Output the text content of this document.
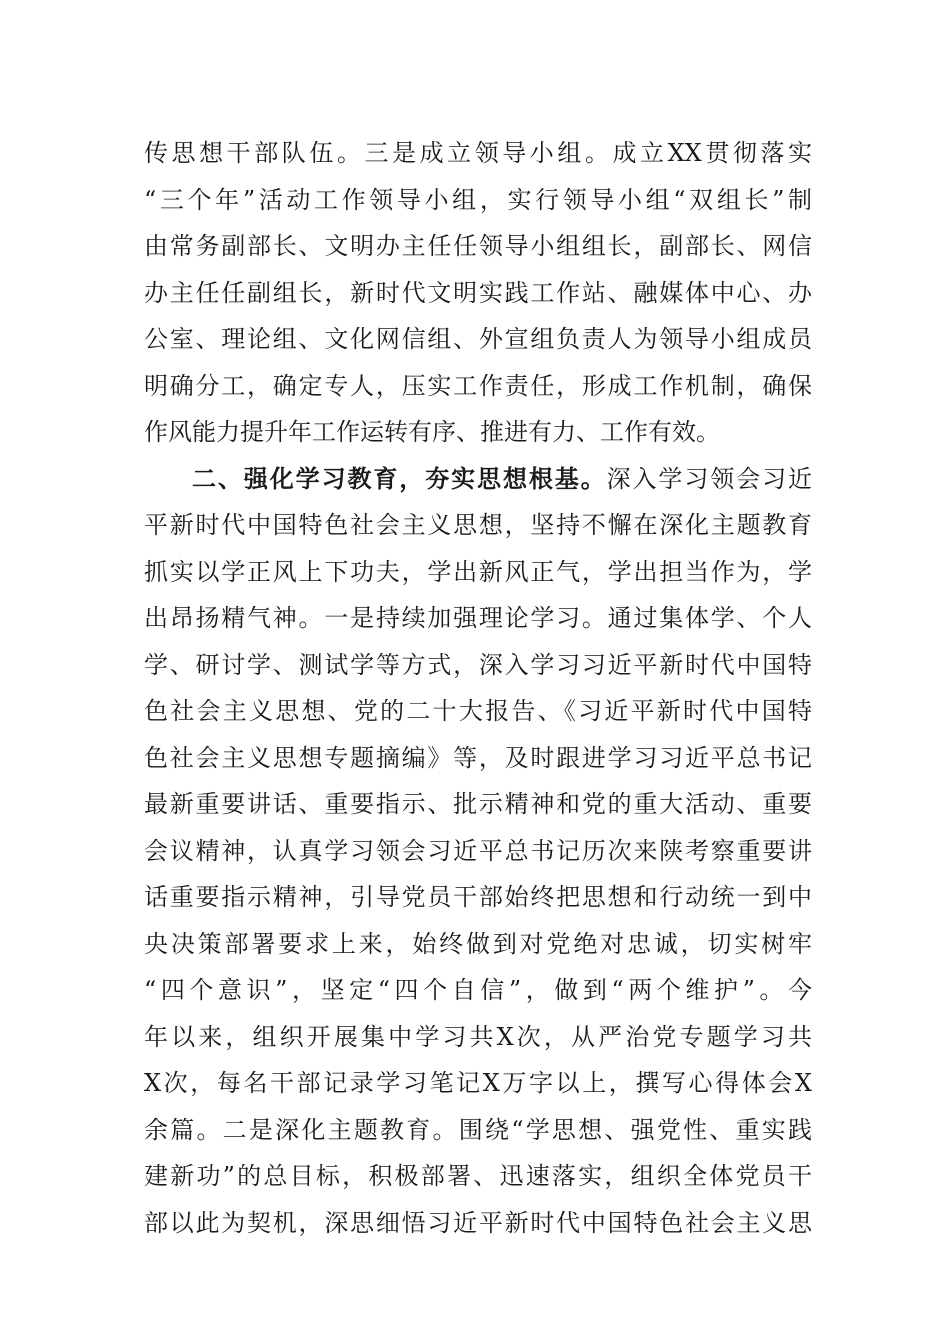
传思想干部队伍。三是成立领导小组。成立XX贯彻落实
“三个年”活动工作领导小组，实行领导小组“双组长”制
由常务副部长、文明办主任任领导小组组长，副部长、网信
办主任任副组长，新时代文明实践工作站、融媒体中心、办
公室、理论组、文化网信组、外宣组负责人为领导小组成员
明确分工，确定专人，压实工作责任，形成工作机制，确保
作风能力提升年工作运转有序、推进有力、工作有效。
二、强化学习教育，夯实思想根基。深入学习领会习近
平新时代中国特色社会主义思想，坚持不懈在深化主题教育
抓实以学正风上下功夫，学出新风正气，学出担当作为，学
出昂扬精气神。一是持续加强理论学习。通过集体学、个人
学、研讨学、测试学等方式，深入学习习近平新时代中国特
色社会主义思想、党的二十大报告、《习近平新时代中国特
色社会主义思想专题摘编》等，及时跟进学习习近平总书记
最新重要讲话、重要指示、批示精神和党的重大活动、重要
会议精神，认真学习领会习近平总书记历次来陕考察重要讲
话重要指示精神，引导党员干部始终把思想和行动统一到中
央决策部署要求上来，始终做到对党绝对忠诚，切实树牢
“四个意识”，坚定“四个自信”，做到“两个维护”。今
年以来，组织开展集中学习共X次，从严治党专题学习共
X次，每名干部记录学习笔记X万字以上，撰写心得体会X
余篇。二是深化主题教育。围绕“学思想、强党性、重实践
建新功”的总目标，积极部署、迅速落实，组织全体党员干
部以此为契机，深思细悟习近平新时代中国特色社会主义思
